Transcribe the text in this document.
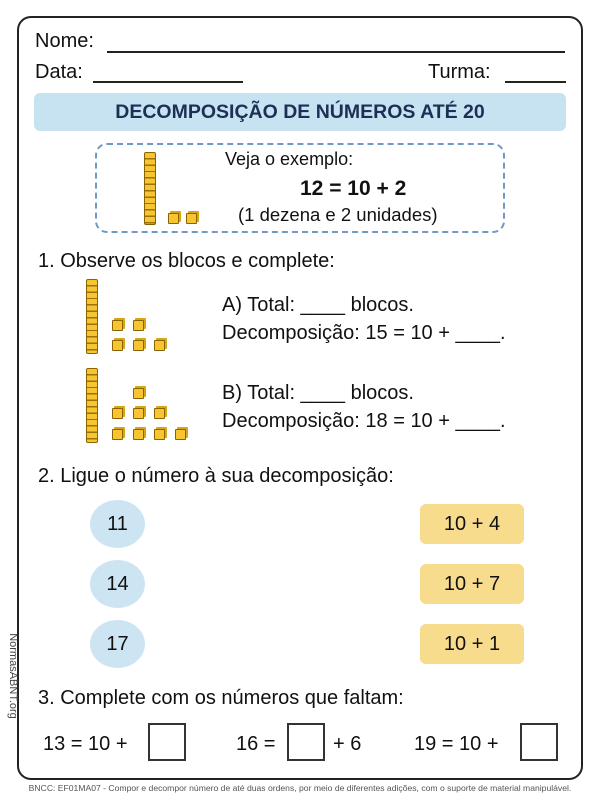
Nome:
Data:	Turma:
DECOMPOSIÇÃO DE NÚMEROS ATÉ 20
Veja o exemplo:
12 = 10 + 2
(1 dezena e 2 unidades)
1. Observe os blocos e complete:
A) Total: ____ blocos.
Decomposição: 15 = 10 + ____.
B) Total: ____ blocos.
Decomposição: 18 = 10 + ____.
2. Ligue o número à sua decomposição:
11
14
17
10 + 4
10 + 7
10 + 1
3. Complete com os números que faltam:
13 = 10 +	16 =	+ 6	19 = 10 +
BNCC: EF01MA07 - Compor e decompor número de até duas ordens, por meio de diferentes adições, com o suporte de material manipulável.
NormasABNT.org
